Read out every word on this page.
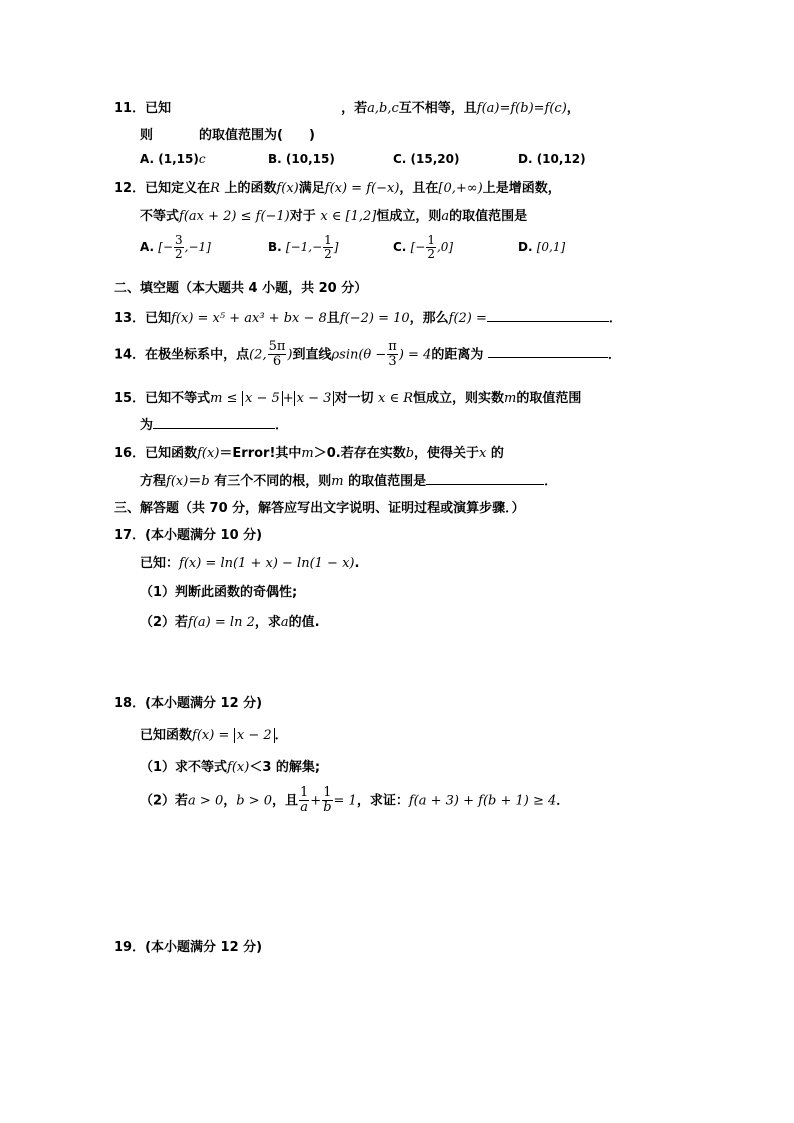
11．已知	，若a,b,c互不相等，且f(a)=f(b)=f(c)，
则	的取值范围为(　　)
A. (1,15)c	B. (10,15)	C. (15,20)	D. (10,12)
12．已知定义在R 上的函数f(x)满足f(x) = f(−x)，且在[0,+∞)上是增函数，
不等式f(ax + 2) ≤ f(−1)对于 x ∈ [1,2]恒成立，则a的取值范围是
A. [− $\frac{3}{2} ,-1$]	B. [$-1,- \frac{1}{2}$ ]	C. [− $\frac{1}{2} ,0$]	D. [0,1]
二、填空题（本大题共 4 小题，共 20 分）
13．已知f(x) = x⁵ + ax³ + bx − 8且f(−2) = 10，那么f(2) =	．
14．在极坐标系中，点(2, $\frac{5\pi}{6}$ )到直线$\rho\sin(\theta - \frac{\pi}{3}$ ) = 4的距离为	．
15．已知不等式m ≤ x − 5 + x − 3 对一切 x ∈ R恒成立，则实数m的取值范围
为	．
16．已知函数f(x)＝Error!其中m＞0.若存在实数b，使得关于x 的
方程f(x)＝b 有三个不同的根，则m 的取值范围是	．
三、解答题（共 70 分，解答应写出文字说明、证明过程或演算步骤．）
17．(本小题满分 10 分)
已知：f(x) = ln(1 + x) − ln(1 − x).
（1）判断此函数的奇偶性;
（2）若f(a) = ln 2，求a的值.
18．(本小题满分 12 分)
已知函数f(x) = x − 2 ．
（1）求不等式f(x)＜3 的解集;
（2）若a > 0，b > 0，且 $\frac{1}{a} + \frac{1}{b} = 1$，求证：f(a + 3) + f(b + 1) ≥ 4．
19．(本小题满分 12 分)
